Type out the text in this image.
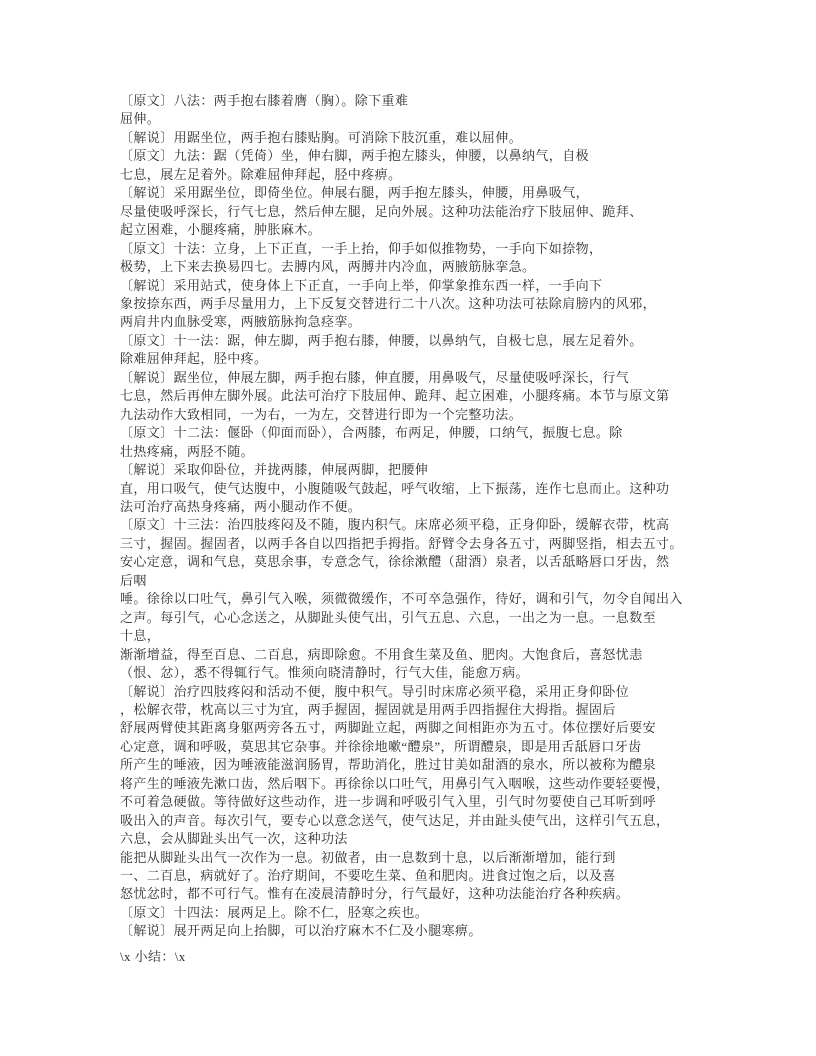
〔原文〕八法：两手抱右膝着膺（胸）。除下重难
屈伸。
〔解说〕用踞坐位，两手抱右膝贴胸。可消除下肢沉重，难以屈伸。
〔原文〕九法：踞（凭倚）坐，伸右脚，两手抱左膝头，伸腰，以鼻纳气，自极
七息，展左足着外。除难屈伸拜起，胫中疼痹。
〔解说〕采用踞坐位，即倚坐位。伸展右腿，两手抱左膝头，伸腰，用鼻吸气，
尽量使吸呼深长，行气七息，然后伸左腿，足向外展。这种功法能治疗下肢屈伸、跪拜、
起立困难，小腿疼痛，肿胀麻木。
〔原文〕十法：立身，上下正直，一手上抬，仰手如似推物势，一手向下如捺物，
极势，上下来去换易四七。去膊内风，两膊井内冷血，两腋筋脉挛急。
〔解说〕采用站式，使身体上下正直，一手向上举，仰掌象推东西一样，一手向下
象按捺东西，两手尽量用力，上下反复交替进行二十八次。这种功法可祛除肩膀内的风邪，
两肩井内血脉受寒，两腋筋脉拘急痉挛。
〔原文〕十一法：踞，伸左脚，两手抱右膝，伸腰，以鼻纳气，自极七息，展左足着外。
除难屈伸拜起，胫中疼。
〔解说〕踞坐位，伸展左脚，两手抱右膝，伸直腰，用鼻吸气，尽量使吸呼深长，行气
七息，然后再伸左脚外展。此法可治疗下肢屈伸、跪拜、起立困难，小腿疼痛。本节与原文第
九法动作大致相同，一为右，一为左，交替进行即为一个完整功法。
〔原文〕十二法：偃卧（仰面而卧），合两膝，布两足，伸腰，口纳气，振腹七息。除
壮热疼痛，两胫不随。
〔解说〕采取仰卧位，并拢两膝，伸展两脚，把腰伸
直，用口吸气，使气达腹中，小腹随吸气鼓起，呼气收缩，上下振荡，连作七息而止。这种功
法可治疗高热身疼痛，两小腿动作不便。
〔原文〕十三法：治四肢疼闷及不随，腹内积气。床席必须平稳，正身仰卧，缓解衣带，枕高
三寸，握固。握固者，以两手各自以四指把手拇指。舒臂令去身各五寸，两脚竖指，相去五寸。
安心定意，调和气息，莫思余事，专意念气，徐徐漱醴（甜酒）泉者，以舌舐略唇口牙齿，然
后咽
唾。徐徐以口吐气，鼻引气入喉，须微微缓作，不可卒急强作，待好，调和引气，勿令自闻出入
之声。每引气，心心念送之，从脚趾头使气出，引气五息、六息，一出之为一息。一息数至
十息，
渐渐增益，得至百息、二百息，病即除愈。不用食生菜及鱼、肥肉。大饱食后，喜怒忧恚
（恨、忿），悉不得辄行气。惟须向晓清静时，行气大佳，能愈万病。
〔解说〕治疗四肢疼闷和活动不便，腹中积气。导引时床席必须平稳，采用正身仰卧位
，松解衣带，枕高以三寸为宜，两手握固，握固就是用两手四指握住大拇指。握固后
舒展两臂使其距离身躯两旁各五寸，两脚趾立起，两脚之间相距亦为五寸。体位摆好后要安
心定意，调和呼吸，莫思其它杂事。并徐徐地嗽“醴泉”，所谓醴泉，即是用舌舐唇口牙齿
所产生的唾液，因为唾液能滋润肠胃，帮助消化，胜过甘美如甜酒的泉水，所以被称为醴泉
将产生的唾液先漱口齿，然后咽下。再徐徐以口吐气，用鼻引气入咽喉，这些动作要轻要慢，
不可着急硬做。等待做好这些动作，进一步调和呼吸引气入里，引气时勿要使自己耳听到呼
吸出入的声音。每次引气，要专心以意念送气，使气达足，并由趾头使气出，这样引气五息，
六息，会从脚趾头出气一次，这种功法
能把从脚趾头出气一次作为一息。初做者，由一息数到十息，以后渐渐增加，能行到
一、二百息，病就好了。治疗期间，不要吃生菜、鱼和肥肉。进食过饱之后，以及喜
怒忧忿时，都不可行气。惟有在凌晨清静时分，行气最好，这种功法能治疗各种疾病。
〔原文〕十四法：展两足上。除不仁，胫寒之疾也。
〔解说〕展开两足向上抬脚，可以治疗麻木不仁及小腿寒痹。
\x 小结：\x
